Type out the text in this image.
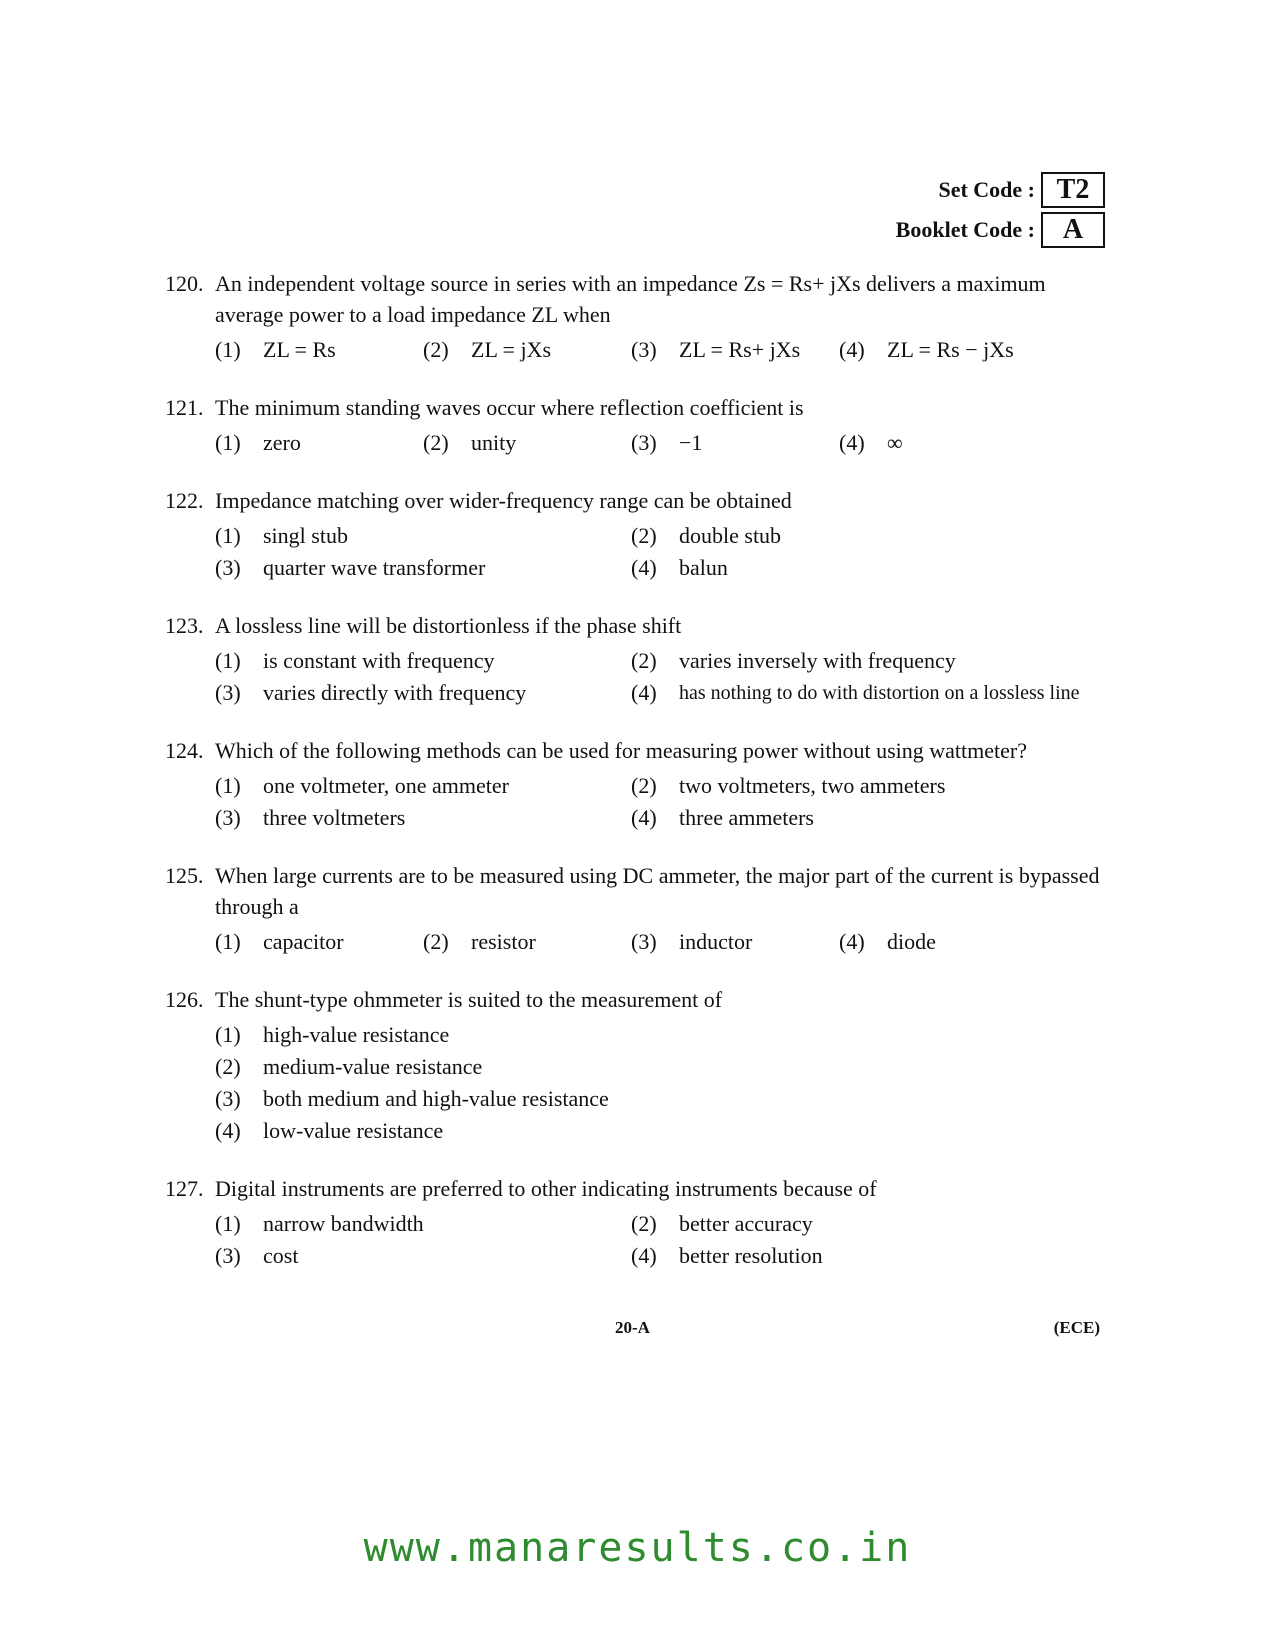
Set Code : T2
Booklet Code : A
120. An independent voltage source in series with an impedance Zs = Rs+ jXs delivers a maximum average power to a load impedance ZL when
(1)	ZL = Rs	(2)	ZL = jXs	(3)	ZL = Rs+ jXs (4)	ZL = Rs − jXs
121. The minimum standing waves occur where reflection coefficient is
(1)	zero	(2)	unity	(3)	−1	(4)	∞
122. Impedance matching over wider-frequency range can be obtained
(1)	singl stub	(2)	double stub
(3)	quarter wave transformer	(4)	balun
123. A lossless line will be distortionless if the phase shift
(1)	is constant with frequency	(2)	varies inversely with frequency
(3)	varies directly with frequency	(4)	has nothing to do with distortion on a lossless line
124. Which of the following methods can be used for measuring power without using wattmeter?
(1)	one voltmeter, one ammeter	(2)	two voltmeters, two ammeters
(3)	three voltmeters	(4)	three ammeters
125. When large currents are to be measured using DC ammeter, the major part of the current is bypassed through a
(1)	capacitor	(2)	resistor	(3)	inductor	(4)	diode
126. The shunt-type ohmmeter is suited to the measurement of
(1)	high-value resistance
(2)	medium-value resistance
(3)	both medium and high-value resistance
(4)	low-value resistance
127. Digital instruments are preferred to other indicating instruments because of
(1)	narrow bandwidth	(2)	better accuracy
(3)	cost	(4)	better resolution
20-A	(ECE)
www.manaresults.co.in
